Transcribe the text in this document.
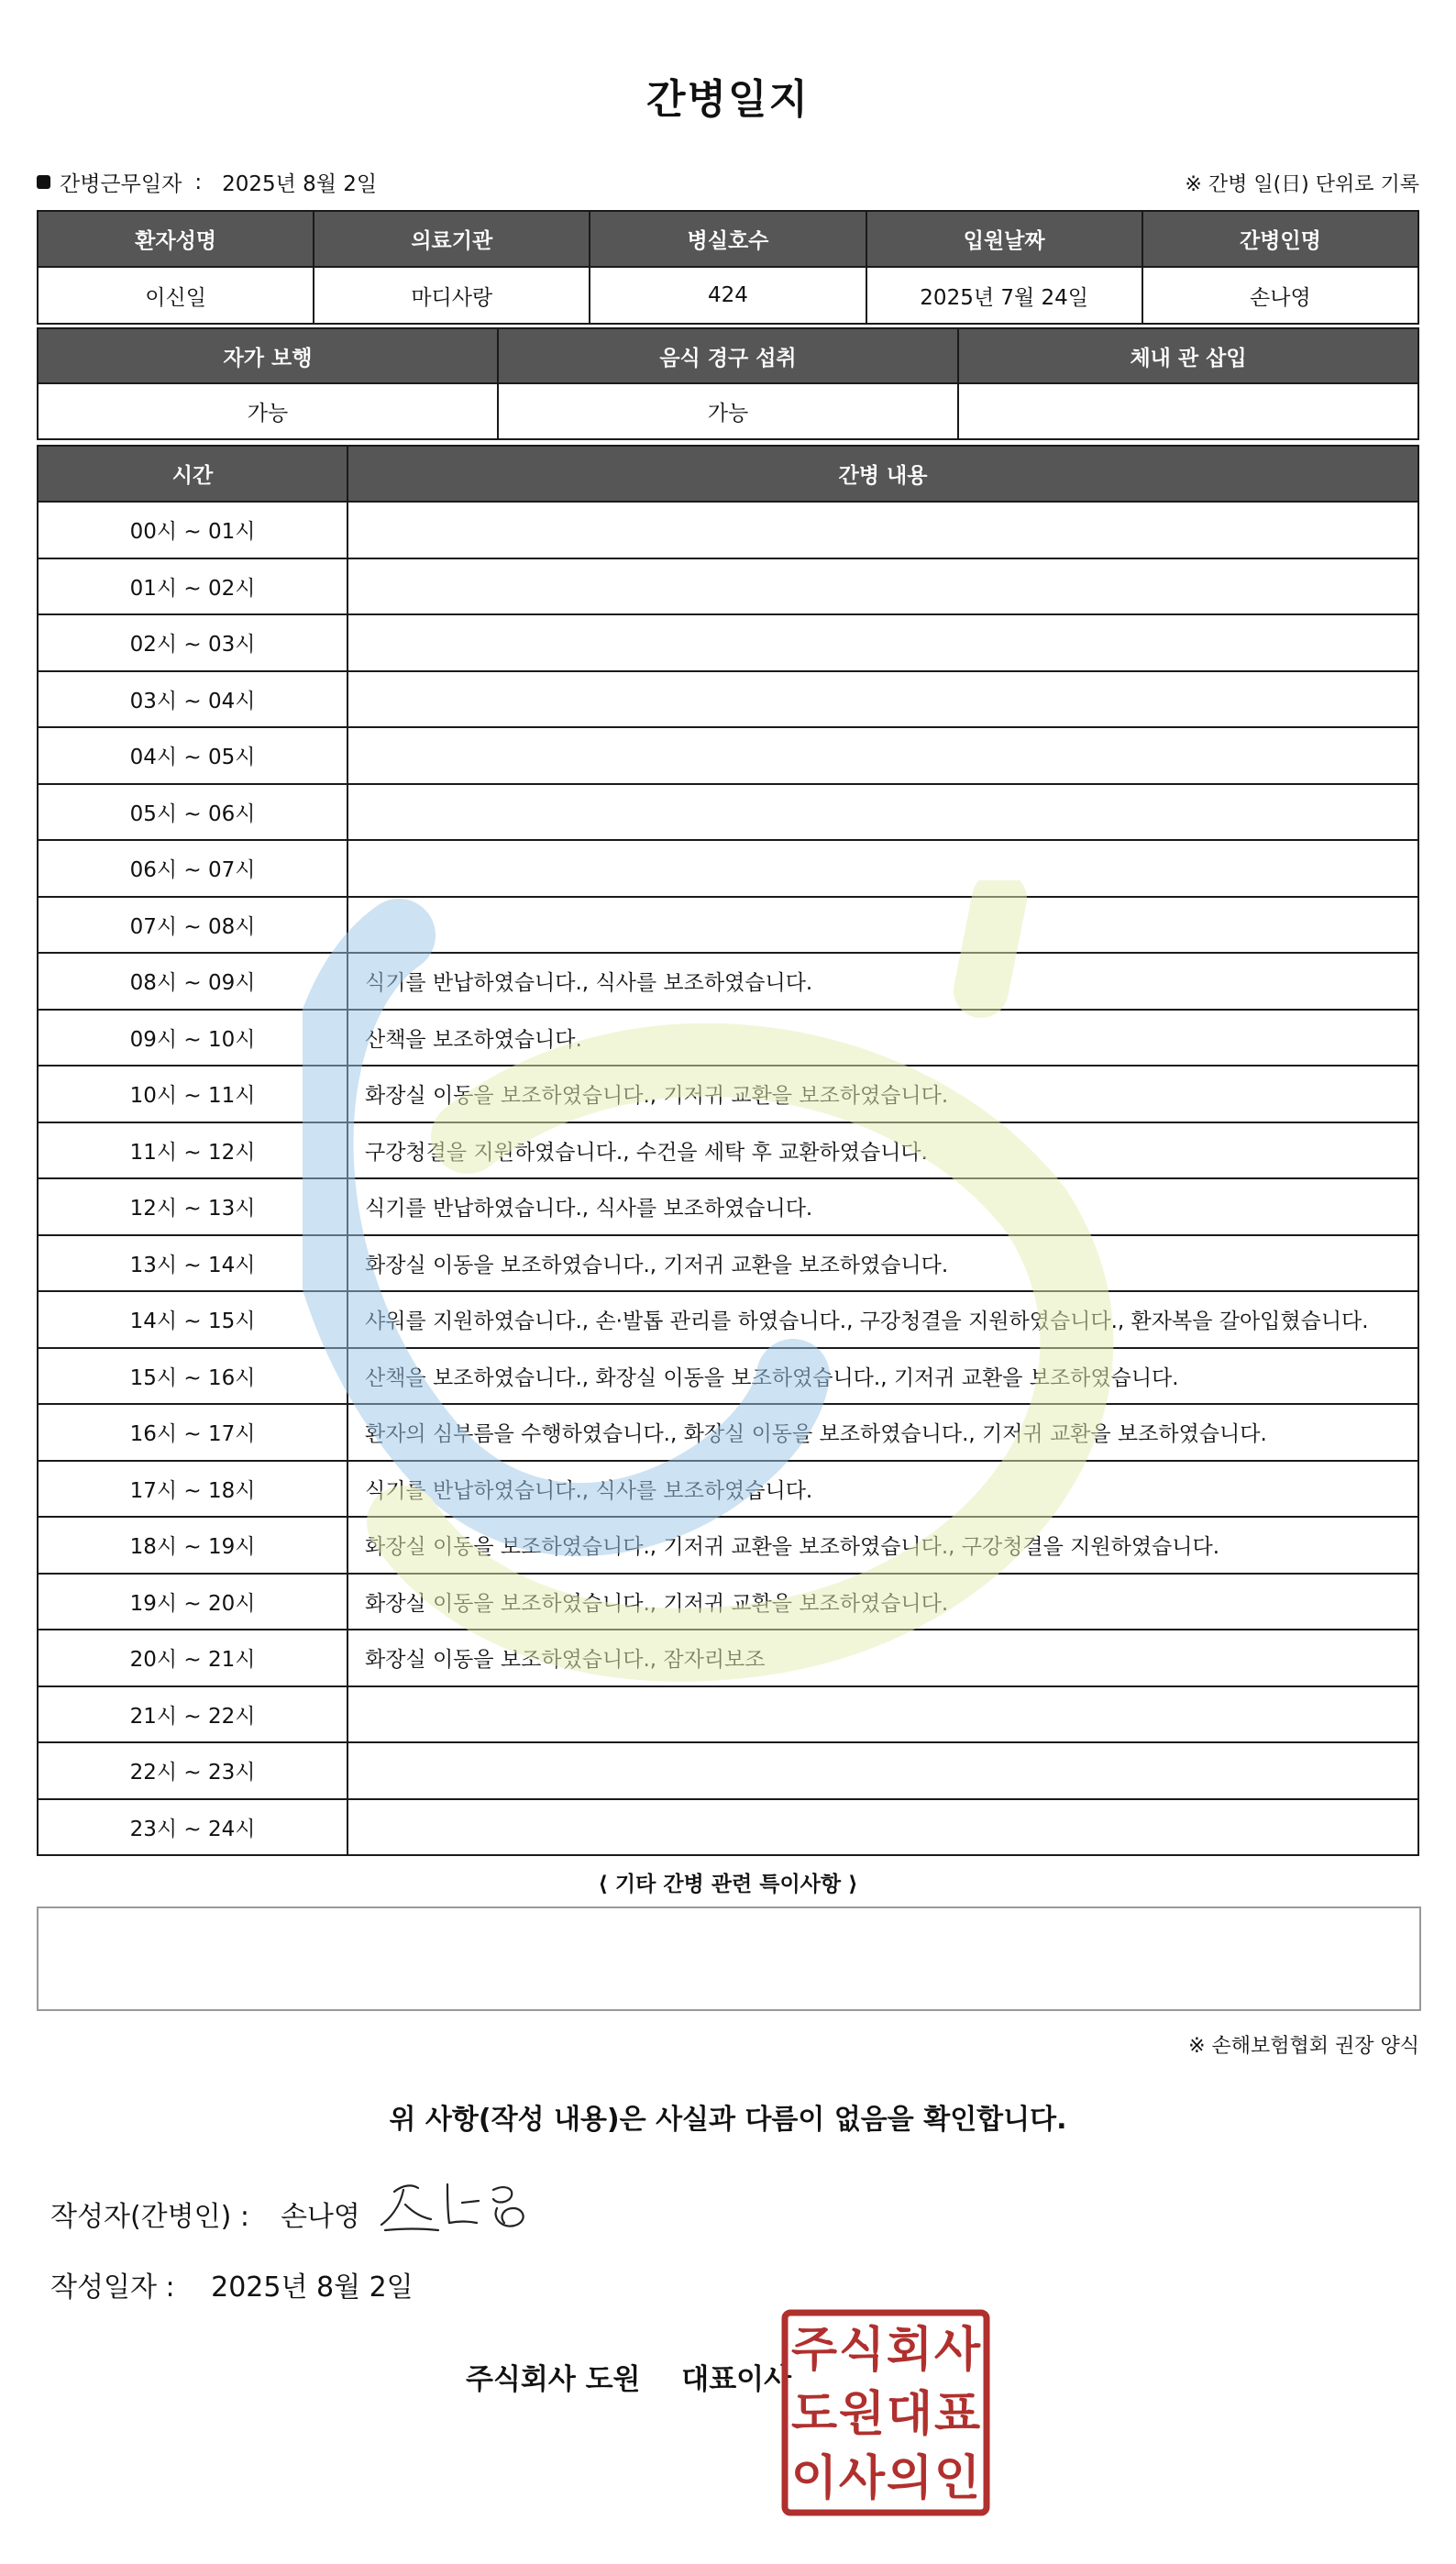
간병일지
간병근무일자 : 2025년 8월 2일	※ 간병 일(日) 단위로 기록
환자성명	의료기관	병실호수	입원날짜	간병인명
이신일	마디사랑	424	2025년 7월 24일	손나영
자가 보행	음식 경구 섭취	체내 관 삽입
가능	가능	
시간	간병 내용
00시 ~ 01시	
01시 ~ 02시	
02시 ~ 03시	
03시 ~ 04시	
04시 ~ 05시	
05시 ~ 06시	
06시 ~ 07시	
07시 ~ 08시	
08시 ~ 09시	식기를 반납하였습니다., 식사를 보조하였습니다.
09시 ~ 10시	산책을 보조하였습니다.
10시 ~ 11시	화장실 이동을 보조하였습니다., 기저귀 교환을 보조하였습니다.
11시 ~ 12시	구강청결을 지원하였습니다., 수건을 세탁 후 교환하였습니다.
12시 ~ 13시	식기를 반납하였습니다., 식사를 보조하였습니다.
13시 ~ 14시	화장실 이동을 보조하였습니다., 기저귀 교환을 보조하였습니다.
14시 ~ 15시	샤워를 지원하였습니다., 손·발톱 관리를 하였습니다., 구강청결을 지원하였습니다., 환자복을 갈아입혔습니다.
15시 ~ 16시	산책을 보조하였습니다., 화장실 이동을 보조하였습니다., 기저귀 교환을 보조하였습니다.
16시 ~ 17시	환자의 심부름을 수행하였습니다., 화장실 이동을 보조하였습니다., 기저귀 교환을 보조하였습니다.
17시 ~ 18시	식기를 반납하였습니다., 식사를 보조하였습니다.
18시 ~ 19시	화장실 이동을 보조하였습니다., 기저귀 교환을 보조하였습니다., 구강청결을 지원하였습니다.
19시 ~ 20시	화장실 이동을 보조하였습니다., 기저귀 교환을 보조하였습니다.
20시 ~ 21시	화장실 이동을 보조하였습니다., 잠자리보조
21시 ~ 22시	
22시 ~ 23시	
23시 ~ 24시	
⟨ 기타 간병 관련 특이사항 ⟩
※ 손해보험협회 권장 양식
위 사항(작성 내용)은 사실과 다름이 없음을 확인합니다.
작성자(간병인) : 손나영
작성일자 : 2025년 8월 2일
주식회사 도원 대표이사
주 식 회 사
도 원 대 표
이 사 의 인
